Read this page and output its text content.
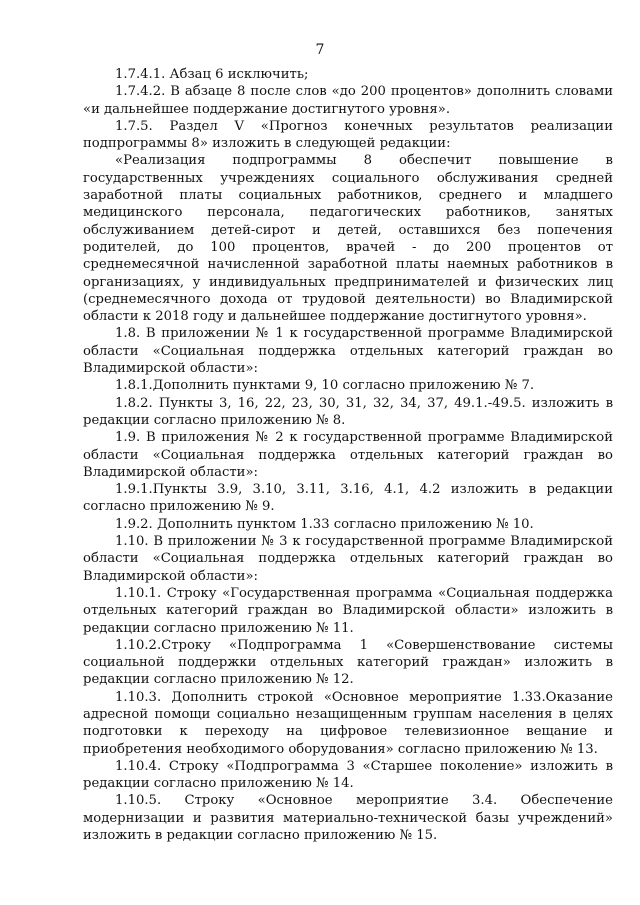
7

1.7.4.1. Абзац 6 исключить;

1.7.4.2. В абзаце 8 после слов «до 200 процентов» дополнить словами «и дальнейшее поддержание достигнутого уровня».

1.7.5. Раздел V «Прогноз конечных результатов реализации подпрограммы 8» изложить в следующей редакции:

«Реализация подпрограммы 8 обеспечит повышение в государственных учреждениях социального обслуживания средней заработной платы социальных работников, среднего и младшего медицинского персонала, педагогических работников, занятых обслуживанием детей-сирот и детей, оставшихся без попечения родителей, до 100 процентов, врачей - до 200 процентов от среднемесячной начисленной заработной платы наемных работников в организациях, у индивидуальных предпринимателей и физических лиц (среднемесячного дохода от трудовой деятельности) во Владимирской области к 2018 году и дальнейшее поддержание достигнутого уровня».

1.8. В приложении № 1 к государственной программе Владимирской области «Социальная поддержка отдельных категорий граждан во Владимирской области»:

1.8.1.Дополнить пунктами 9, 10 согласно приложению № 7.

1.8.2. Пункты 3, 16, 22, 23, 30, 31, 32, 34, 37, 49.1.-49.5. изложить в редакции согласно приложению № 8.

1.9. В приложения № 2 к государственной программе Владимирской области «Социальная поддержка отдельных категорий граждан во Владимирской области»:

1.9.1.Пункты 3.9, 3.10, 3.11, 3.16, 4.1, 4.2 изложить в редакции согласно приложению № 9.

1.9.2. Дополнить пунктом 1.33 согласно приложению № 10.

1.10. В приложении № 3 к государственной программе Владимирской области «Социальная поддержка отдельных категорий граждан во Владимирской области»:

1.10.1. Строку «Государственная программа «Социальная поддержка отдельных категорий граждан во Владимирской области» изложить в редакции согласно приложению № 11.

1.10.2.Строку «Подпрограмма 1 «Совершенствование системы социальной поддержки отдельных категорий граждан» изложить в редакции согласно приложению № 12.

1.10.3. Дополнить строкой «Основное мероприятие 1.33.Оказание адресной помощи социально незащищенным группам населения в целях подготовки к переходу на цифровое телевизионное вещание и приобретения необходимого оборудования» согласно приложению № 13.

1.10.4. Строку «Подпрограмма 3 «Старшее поколение» изложить в редакции согласно приложению № 14.

1.10.5. Строку «Основное мероприятие 3.4. Обеспечение модернизации и развития материально-технической базы учреждений» изложить в редакции согласно приложению № 15.
